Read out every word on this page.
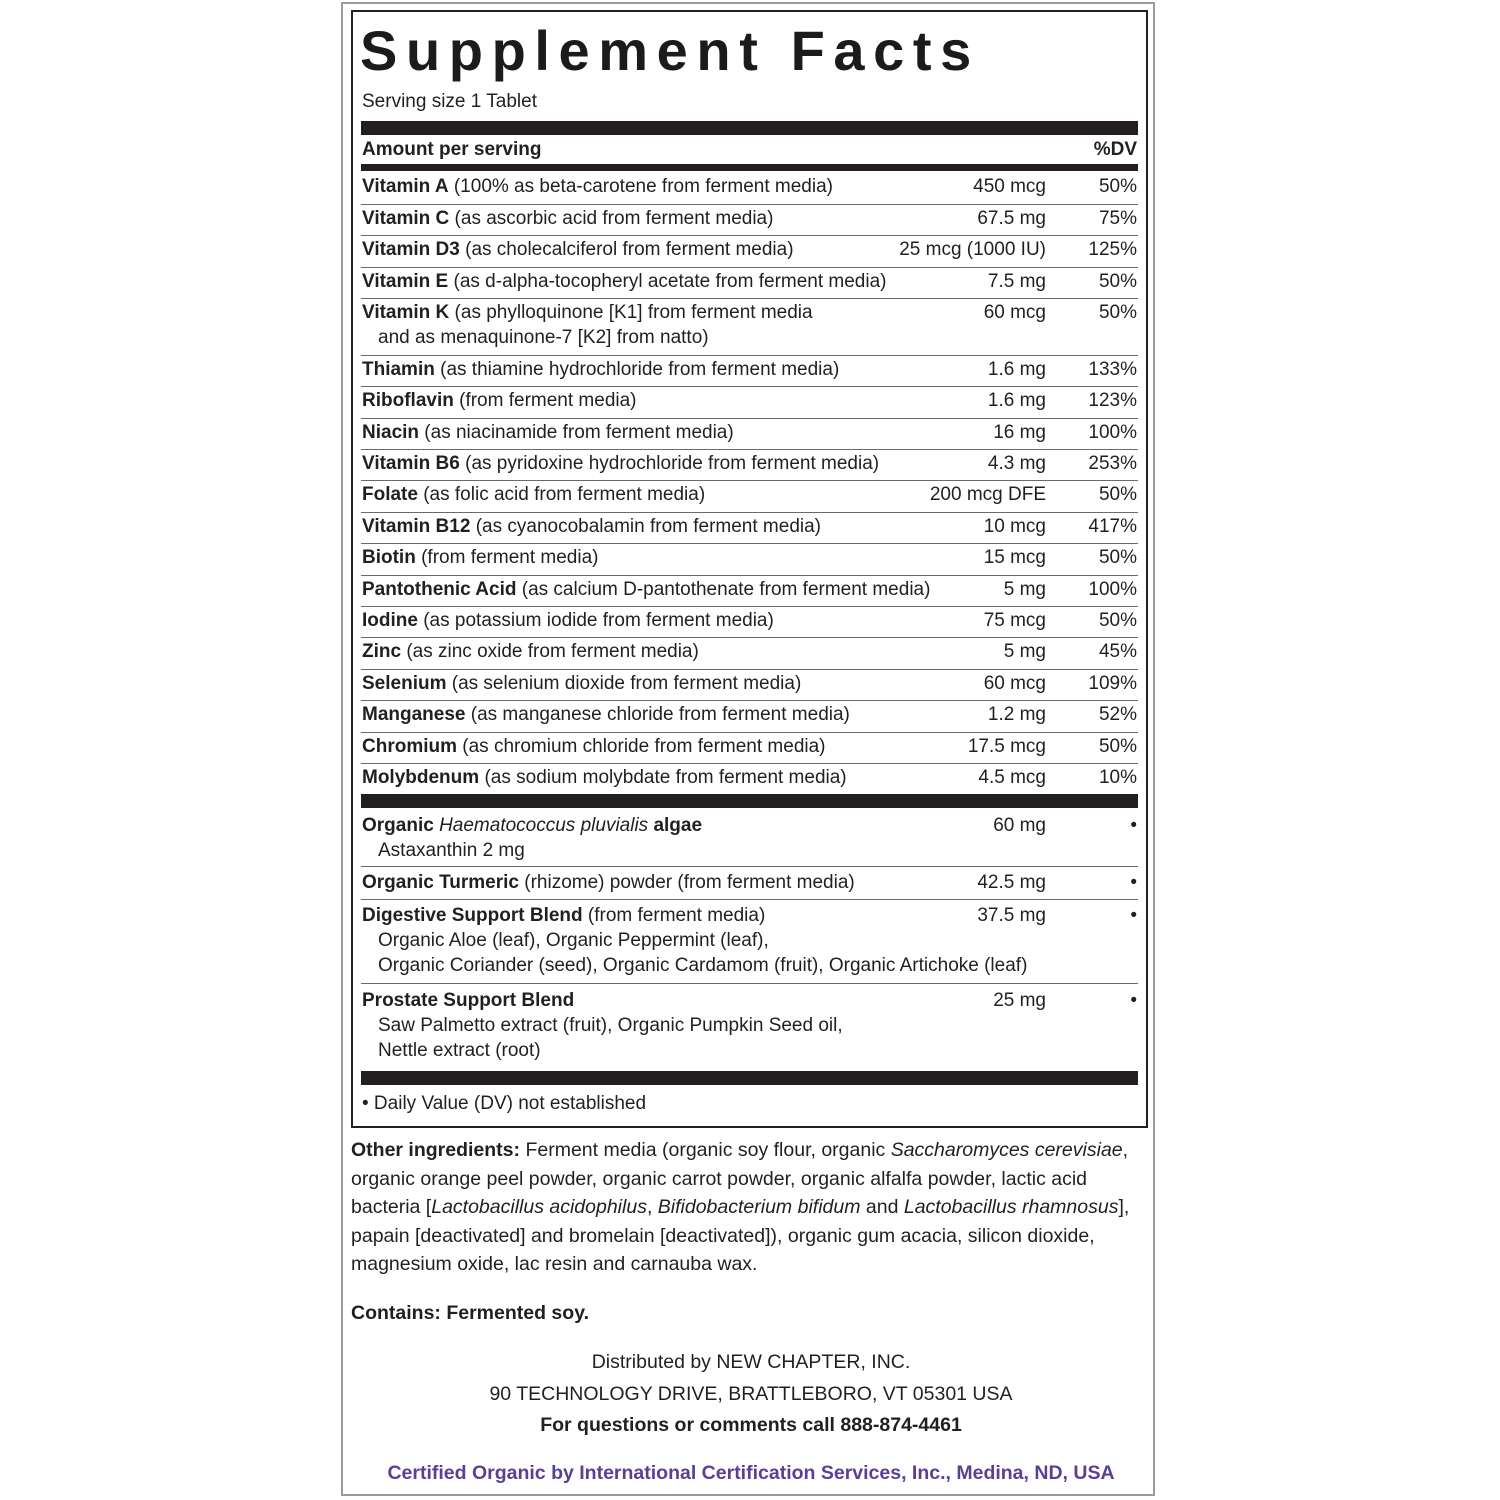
Supplement Facts
Serving size 1 Tablet
Amount per serving	%DV
Vitamin A (100% as beta-carotene from ferment media)	450 mcg	50%
Vitamin C (as ascorbic acid from ferment media)	67.5 mg	75%
Vitamin D3 (as cholecalciferol from ferment media)	25 mcg (1000 IU) 125%
Vitamin E (as d-alpha-tocopheryl acetate from ferment media)	7.5 mg	50%
Vitamin K (as phylloquinone [K1] from ferment media
and as menaquinone-7 [K2] from natto)
60 mcg	50%
Thiamin (as thiamine hydrochloride from ferment media)	1.6 mg 133%
Riboflavin (from ferment media)	1.6 mg 123%
Niacin (as niacinamide from ferment media)	16 mg 100%
Vitamin B6 (as pyridoxine hydrochloride from ferment media)	4.3 mg 253%
Folate (as folic acid from ferment media)	200 mcg DFE	50%
Vitamin B12 (as cyanocobalamin from ferment media)	10 mcg 417%
Biotin (from ferment media)	15 mcg	50%
Pantothenic Acid (as calcium D-pantothenate from ferment media)	5 mg 100%
Iodine (as potassium iodide from ferment media)	75 mcg	50%
Zinc (as zinc oxide from ferment media)	5 mg	45%
Selenium (as selenium dioxide from ferment media)	60 mcg 109%
Manganese (as manganese chloride from ferment media)	1.2 mg	52%
Chromium (as chromium chloride from ferment media)	17.5 mcg	50%
Molybdenum (as sodium molybdate from ferment media)	4.5 mcg	10%
Organic Haematococcus pluvialis algae
Astaxanthin 2 mg
60 mg	•
Organic Turmeric (rhizome) powder (from ferment media)	42.5 mg	•
Digestive Support Blend (from ferment media)
Organic Aloe (leaf), Organic Peppermint (leaf),
Organic Coriander (seed), Organic Cardamom (fruit), Organic Artichoke (leaf)
37.5 mg	•
Prostate Support Blend
Saw Palmetto extract (fruit), Organic Pumpkin Seed oil,
Nettle extract (root)
25 mg	•
• Daily Value (DV) not established
Other ingredients: Ferment media (organic soy flour, organic Saccharomyces cerevisiae, organic orange peel powder, organic carrot powder, organic alfalfa powder, lactic acid bacteria [Lactobacillus acidophilus, Bifidobacterium bifidum and Lactobacillus rhamnosus], papain [deactivated] and bromelain [deactivated]), organic gum acacia, silicon dioxide, magnesium oxide, lac resin and carnauba wax.
Contains: Fermented soy.
Distributed by NEW CHAPTER, INC.
90 TECHNOLOGY DRIVE, BRATTLEBORO, VT 05301 USA
For questions or comments call 888-874-4461
Certified Organic by International Certification Services, Inc., Medina, ND, USA
